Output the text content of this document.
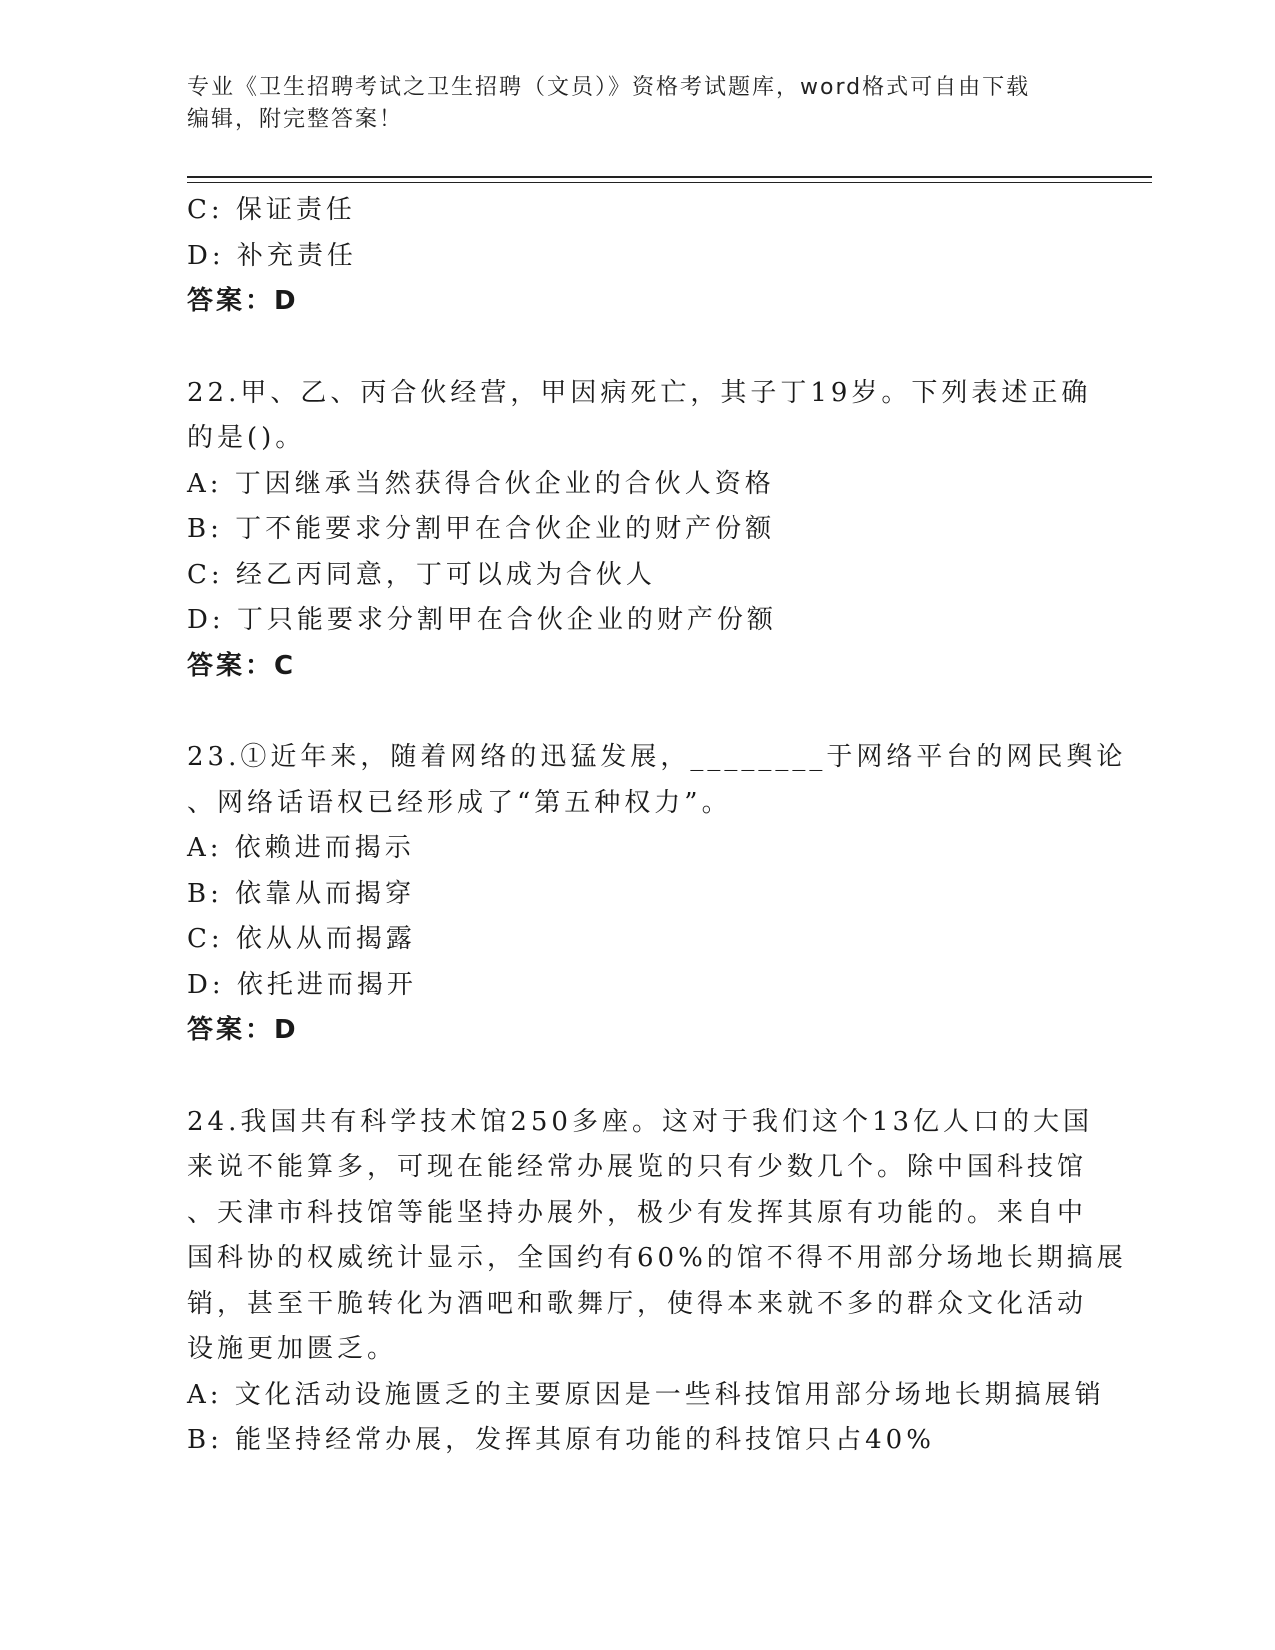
专业《卫生招聘考试之卫生招聘（文员）》资格考试题库，word格式可自由下载
编辑，附完整答案！
C: 保证责任
D: 补充责任
答案：D
22.甲、乙、丙合伙经营，甲因病死亡，其子丁19岁。下列表述正确
的是()。
A: 丁因继承当然获得合伙企业的合伙人资格
B: 丁不能要求分割甲在合伙企业的财产份额
C: 经乙丙同意，丁可以成为合伙人
D: 丁只能要求分割甲在合伙企业的财产份额
答案：C
23.①近年来，随着网络的迅猛发展，________于网络平台的网民舆论
、网络话语权已经形成了“第五种权力”。
A: 依赖进而揭示
B: 依靠从而揭穿
C: 依从从而揭露
D: 依托进而揭开
答案：D
24.我国共有科学技术馆250多座。这对于我们这个13亿人口的大国
来说不能算多，可现在能经常办展览的只有少数几个。除中国科技馆
、天津市科技馆等能坚持办展外，极少有发挥其原有功能的。来自中
国科协的权威统计显示，全国约有60%的馆不得不用部分场地长期搞展
销，甚至干脆转化为酒吧和歌舞厅，使得本来就不多的群众文化活动
设施更加匮乏。
A: 文化活动设施匮乏的主要原因是一些科技馆用部分场地长期搞展销
B: 能坚持经常办展，发挥其原有功能的科技馆只占40%
